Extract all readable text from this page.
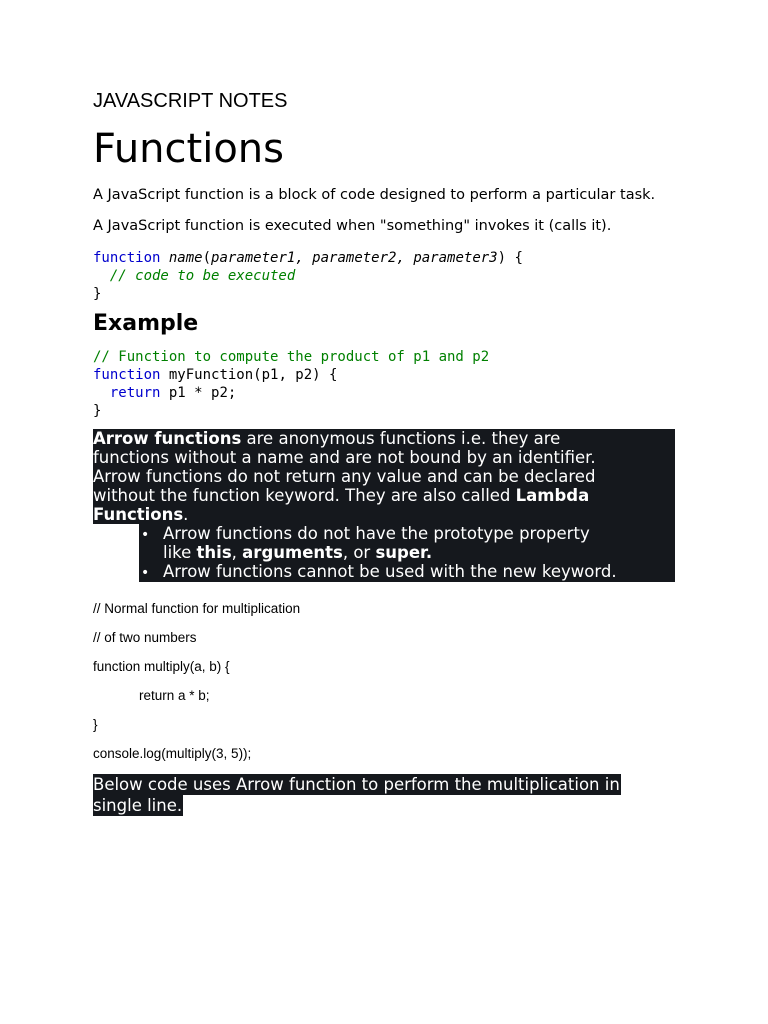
JAVASCRIPT NOTES
Functions
A JavaScript function is a block of code designed to perform a particular task.
A JavaScript function is executed when "something" invokes it (calls it).
function name(parameter1, parameter2, parameter3) {
// code to be executed
}
Example
// Function to compute the product of p1 and p2
function myFunction(p1, p2) {
return p1 * p2;
}
Arrow functions are anonymous functions i.e. they are
functions without a name and are not bound by an identifier.
Arrow functions do not return any value and can be declared
without the function keyword. They are also called Lambda
Functions.
• Arrow functions do not have the prototype property
like this, arguments, or super.
• Arrow functions cannot be used with the new keyword.
// Normal function for multiplication
// of two numbers
function multiply(a, b) {
return a * b;
}
console.log(multiply(3, 5));
Below code uses Arrow function to perform the multiplication in
single line.
